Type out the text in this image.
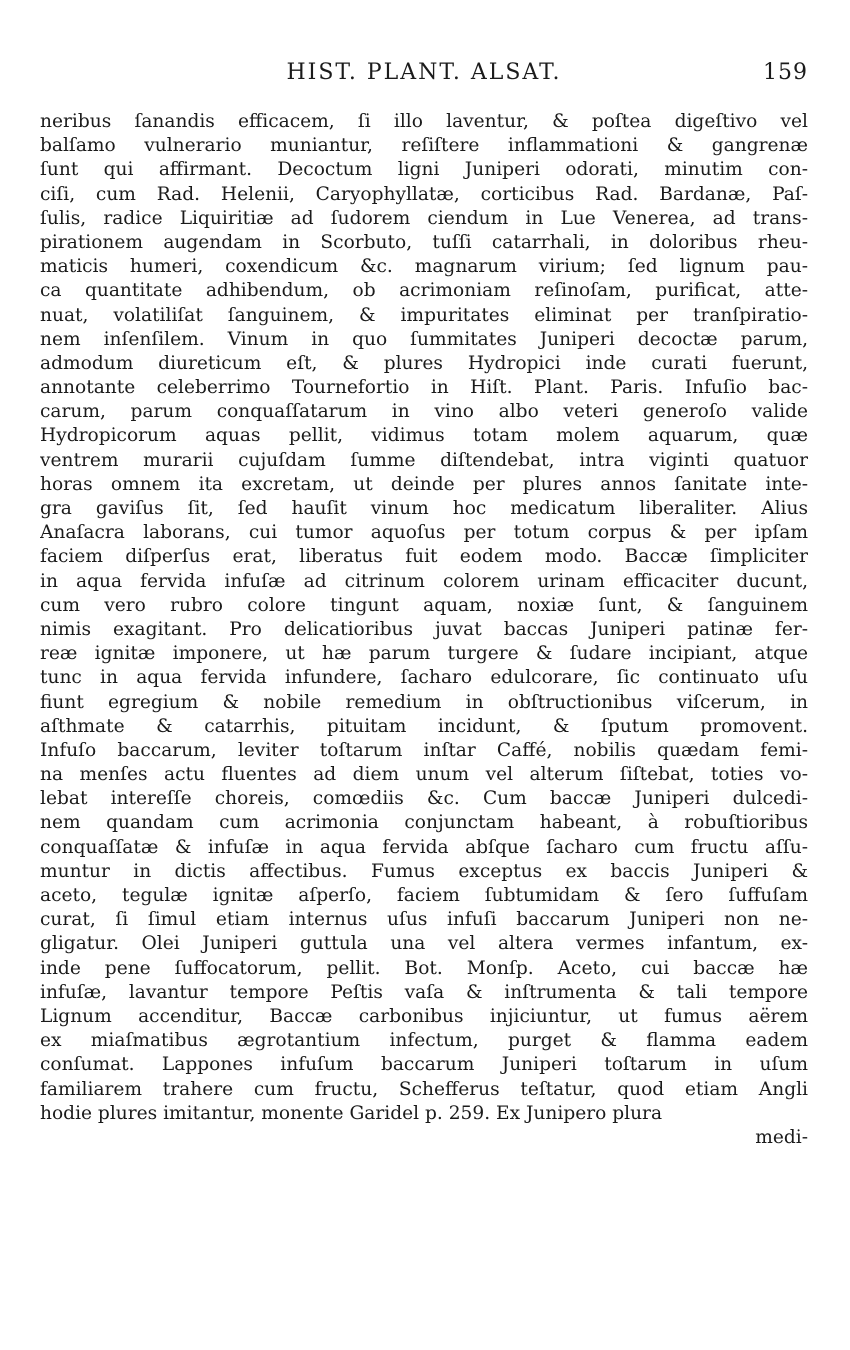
HIST. PLANT. ALSAT.	159
neribus ſanandis efficacem, ſi illo laventur, & poſtea digeſtivo vel
balſamo vulnerario muniantur, reſiſtere inflammationi & gangrenæ
ſunt qui affirmant. Decoctum ligni Juniperi odorati, minutim con-
ciſi, cum Rad. Helenii, Caryophyllatæ, corticibus Rad. Bardanæ, Paſ-
ſulis, radice Liquiritiæ ad ſudorem ciendum in Lue Venerea, ad trans-
pirationem augendam in Scorbuto, tuſſi catarrhali, in doloribus rheu-
maticis humeri, coxendicum &c. magnarum virium; ſed lignum pau-
ca quantitate adhibendum, ob acrimoniam reſinoſam, purificat, atte-
nuat, volatiliſat ſanguinem, & impuritates eliminat per tranſpiratio-
nem inſenſilem. Vinum in quo ſummitates Juniperi decoctæ parum,
admodum diureticum eſt, & plures Hydropici inde curati fuerunt,
annotante celeberrimo Tournefortio in Hiſt. Plant. Paris. Infuſio bac-
carum, parum conquaſſatarum in vino albo veteri generoſo valide
Hydropicorum aquas pellit, vidimus totam molem aquarum, quæ
ventrem murarii cujuſdam ſumme diſtendebat, intra viginti quatuor
horas omnem ita excretam, ut deinde per plures annos ſanitate inte-
gra gaviſus ſit, ſed hauſit vinum hoc medicatum liberaliter. Alius
Anaſacra laborans, cui tumor aquoſus per totum corpus & per ipſam
faciem diſperſus erat, liberatus fuit eodem modo. Baccæ ſimpliciter
in aqua fervida infuſæ ad citrinum colorem urinam efficaciter ducunt,
cum vero rubro colore tingunt aquam, noxiæ ſunt, & ſanguinem
nimis exagitant. Pro delicatioribus juvat baccas Juniperi patinæ fer-
reæ ignitæ imponere, ut hæ parum turgere & ſudare incipiant, atque
tunc in aqua fervida infundere, ſacharo edulcorare, ſic continuato uſu
fiunt egregium & nobile remedium in obſtructionibus viſcerum, in
aſthmate & catarrhis, pituitam incidunt, & ſputum promovent.
Infuſo baccarum, leviter toſtarum inſtar Caffé, nobilis quædam femi-
na menſes actu fluentes ad diem unum vel alterum ſiſtebat, toties vo-
lebat intereſſe choreis, comœdiis &c. Cum baccæ Juniperi dulcedi-
nem quandam cum acrimonia conjunctam habeant, à robuſtioribus
conquaſſatæ & infuſæ in aqua fervida abſque ſacharo cum fructu aſſu-
muntur in dictis affectibus. Fumus exceptus ex baccis Juniperi &
aceto, tegulæ ignitæ aſperſo, faciem ſubtumidam & ſero ſuffuſam
curat, ſi ſimul etiam internus uſus infuſi baccarum Juniperi non ne-
gligatur. Olei Juniperi guttula una vel altera vermes infantum, ex-
inde pene ſuffocatorum, pellit. Bot. Monſp. Aceto, cui baccæ hæ
infuſæ, lavantur tempore Peſtis vaſa & inſtrumenta & tali tempore
Lignum accenditur, Baccæ carbonibus injiciuntur, ut fumus aërem
ex miaſmatibus ægrotantium infectum, purget & flamma eadem
conſumat. Lappones infuſum baccarum Juniperi toſtarum in uſum
familiarem trahere cum fructu, Schefferus teſtatur, quod etiam Angli
hodie plures imitantur, monente Garidel p. 259. Ex Junipero plura
medi-
